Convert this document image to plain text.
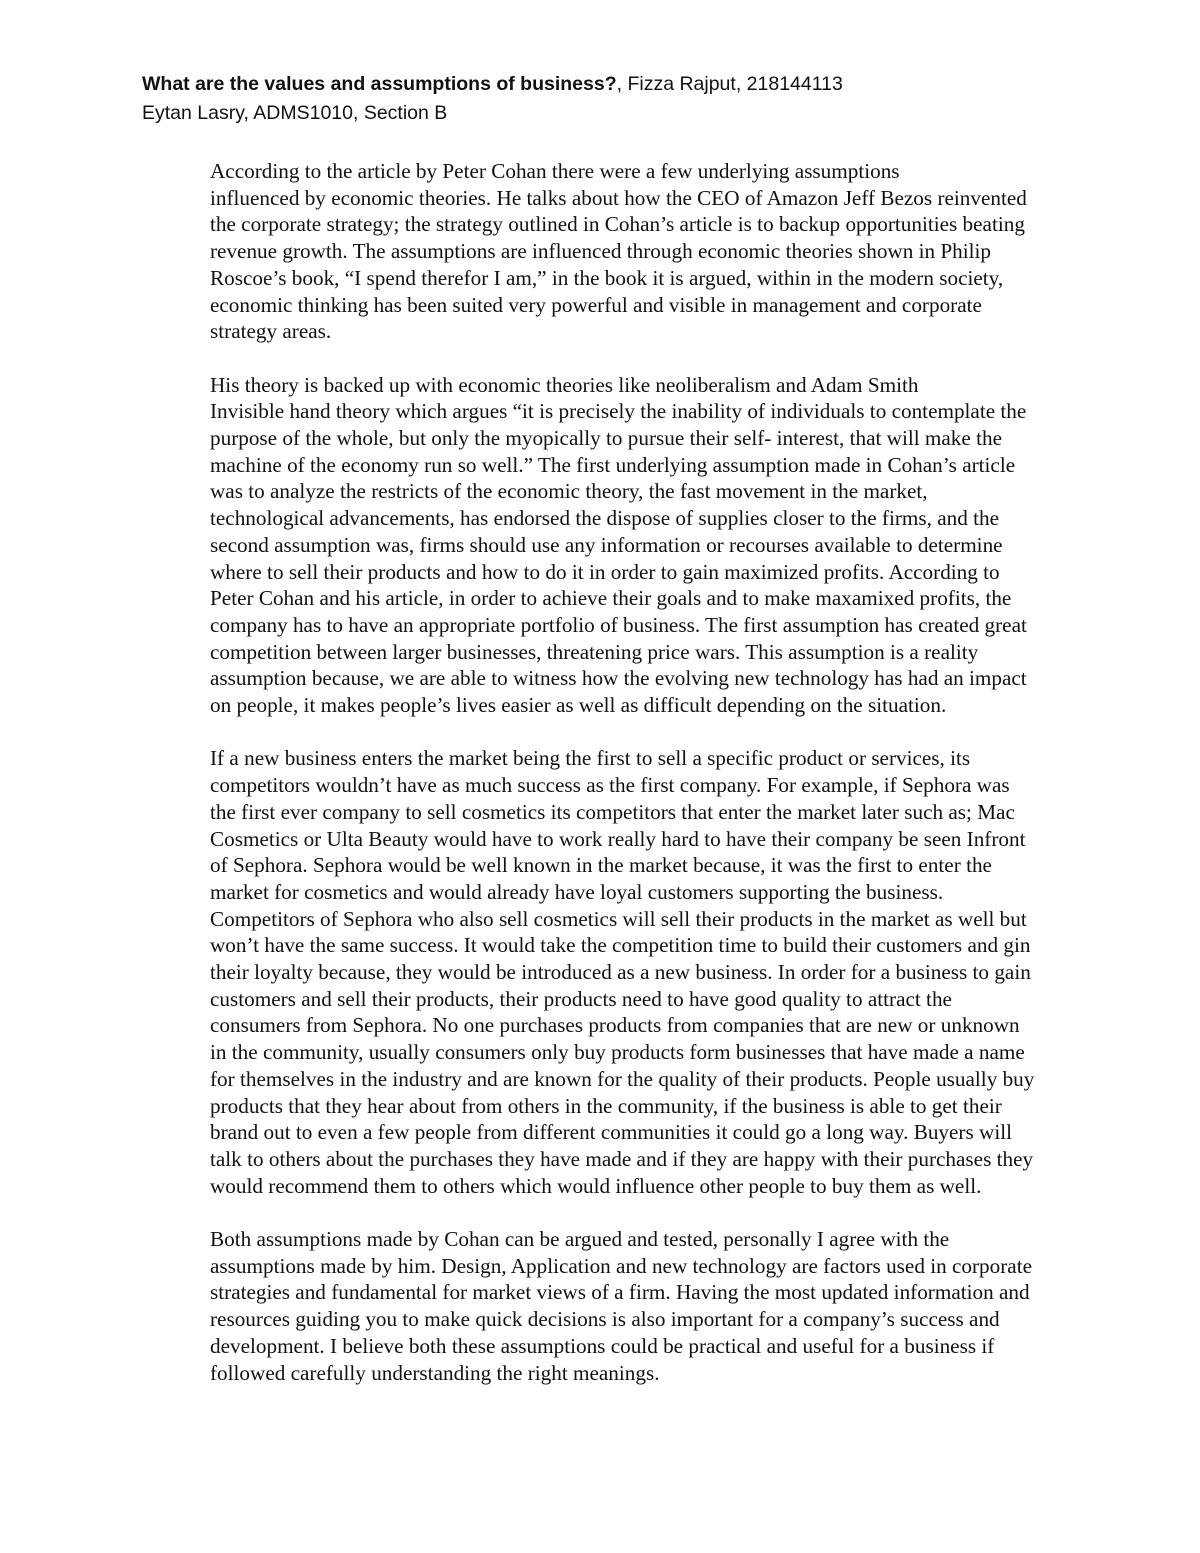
What are the values and assumptions of business?, Fizza Rajput, 218144113
Eytan Lasry, ADMS1010, Section B

According to the article by Peter Cohan there were a few underlying assumptions
influenced by economic theories. He talks about how the CEO of Amazon Jeff Bezos reinvented
the corporate strategy; the strategy outlined in Cohan’s article is to backup opportunities beating
revenue growth. The assumptions are influenced through economic theories shown in Philip
Roscoe’s book, “I spend therefor I am,” in the book it is argued, within in the modern society,
economic thinking has been suited very powerful and visible in management and corporate
strategy areas.

His theory is backed up with economic theories like neoliberalism and Adam Smith
Invisible hand theory which argues “it is precisely the inability of individuals to contemplate the
purpose of the whole, but only the myopically to pursue their self- interest, that will make the
machine of the economy run so well.” The first underlying assumption made in Cohan’s article
was to analyze the restricts of the economic theory, the fast movement in the market,
technological advancements, has endorsed the dispose of supplies closer to the firms, and the
second assumption was, firms should use any information or recourses available to determine
where to sell their products and how to do it in order to gain maximized profits. According to
Peter Cohan and his article, in order to achieve their goals and to make maxamixed profits, the
company has to have an appropriate portfolio of business. The first assumption has created great
competition between larger businesses, threatening price wars. This assumption is a reality
assumption because, we are able to witness how the evolving new technology has had an impact
on people, it makes people’s lives easier as well as difficult depending on the situation.

If a new business enters the market being the first to sell a specific product or services, its
competitors wouldn’t have as much success as the first company. For example, if Sephora was
the first ever company to sell cosmetics its competitors that enter the market later such as; Mac
Cosmetics or Ulta Beauty would have to work really hard to have their company be seen Infront
of Sephora. Sephora would be well known in the market because, it was the first to enter the
market for cosmetics and would already have loyal customers supporting the business.
Competitors of Sephora who also sell cosmetics will sell their products in the market as well but
won’t have the same success. It would take the competition time to build their customers and gin
their loyalty because, they would be introduced as a new business. In order for a business to gain
customers and sell their products, their products need to have good quality to attract the
consumers from Sephora. No one purchases products from companies that are new or unknown
in the community, usually consumers only buy products form businesses that have made a name
for themselves in the industry and are known for the quality of their products. People usually buy
products that they hear about from others in the community, if the business is able to get their
brand out to even a few people from different communities it could go a long way. Buyers will
talk to others about the purchases they have made and if they are happy with their purchases they
would recommend them to others which would influence other people to buy them as well.

Both assumptions made by Cohan can be argued and tested, personally I agree with the
assumptions made by him. Design, Application and new technology are factors used in corporate
strategies and fundamental for market views of a firm. Having the most updated information and
resources guiding you to make quick decisions is also important for a company’s success and
development. I believe both these assumptions could be practical and useful for a business if
followed carefully understanding the right meanings.
